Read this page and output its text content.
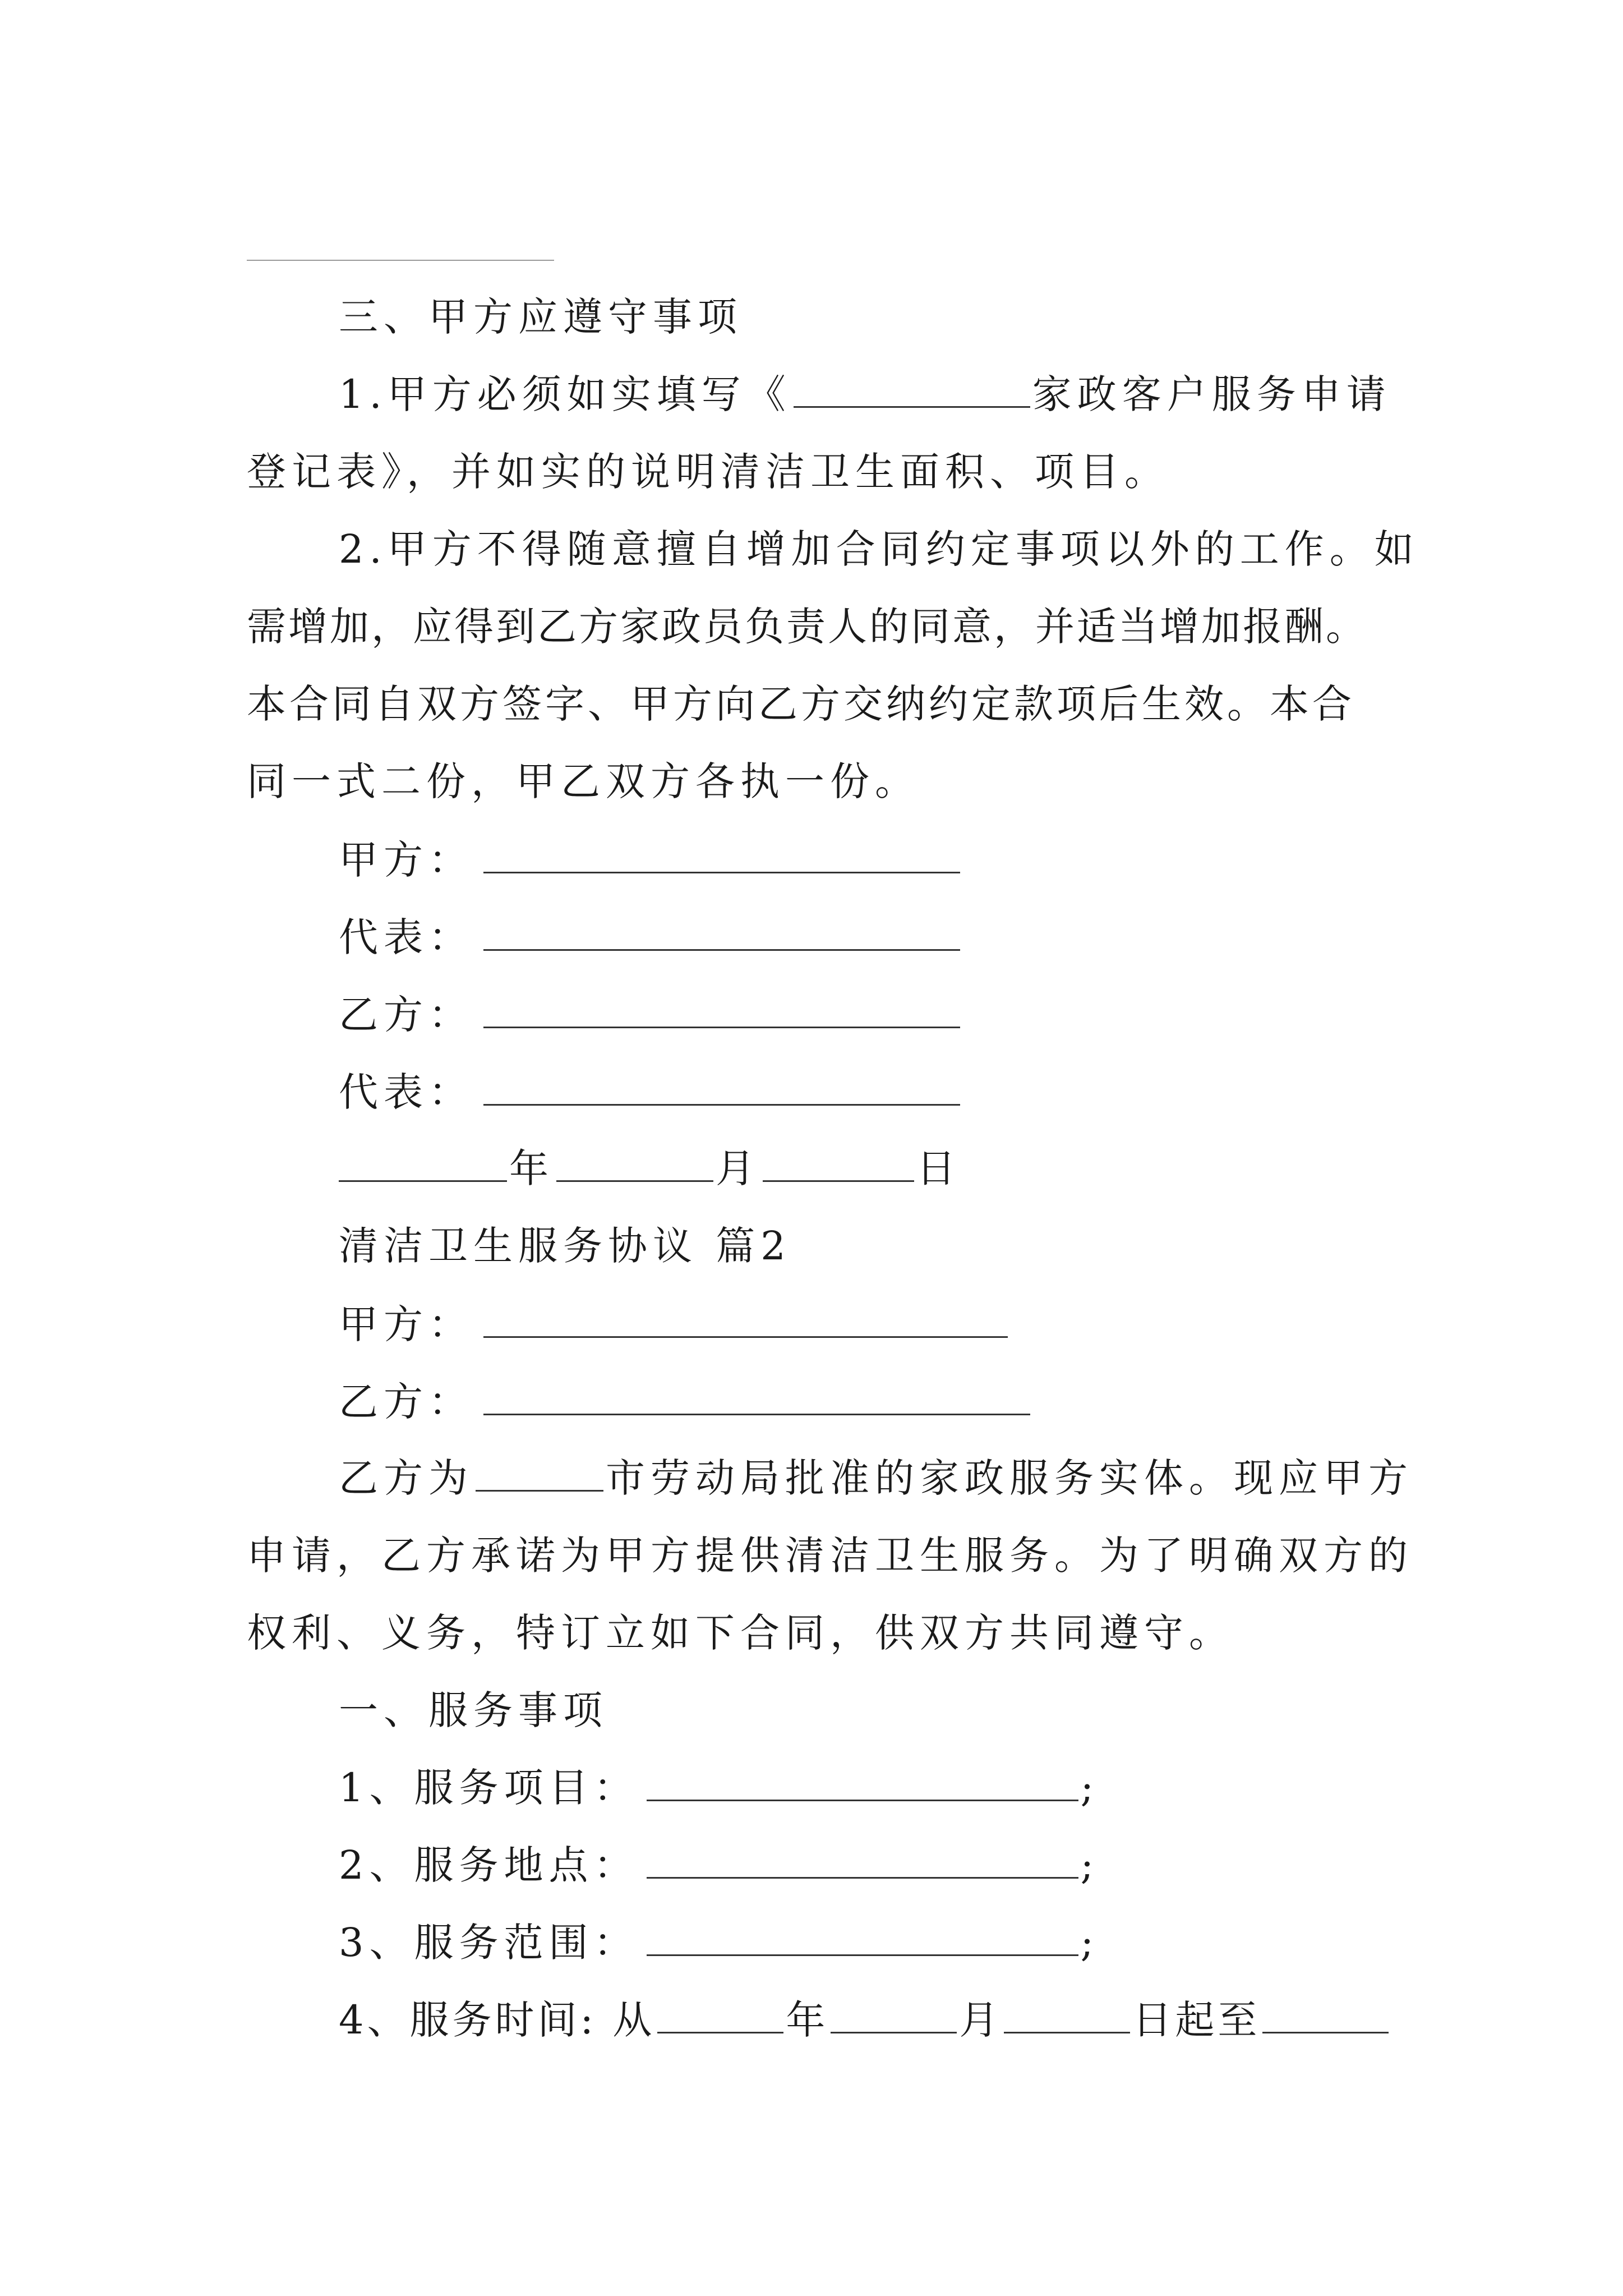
三、甲方应遵守事项
1.甲方必须如实填写《	家政客户服务申请
登记表》，并如实的说明清洁卫生面积、项目。
2.甲方不得随意擅自增加合同约定事项以外的工作。如
需增加，应得到乙方家政员负责人的同意，并适当增加报酬。
本合同自双方签字、甲方向乙方交纳约定款项后生效。本合
同一式二份，甲乙双方各执一份。
甲方：
代表：
乙方：
代表：
年	月	日
清洁卫生服务协议 篇2
甲方：
乙方：
乙方为	市劳动局批准的家政服务实体。现应甲方
申请，乙方承诺为甲方提供清洁卫生服务。为了明确双方的
权利、义务，特订立如下合同，供双方共同遵守。
一、服务事项
1、服务项目：	;
2、服务地点：	;
3、服务范围：	;
4、服务时间: 从	年	月	日起至
